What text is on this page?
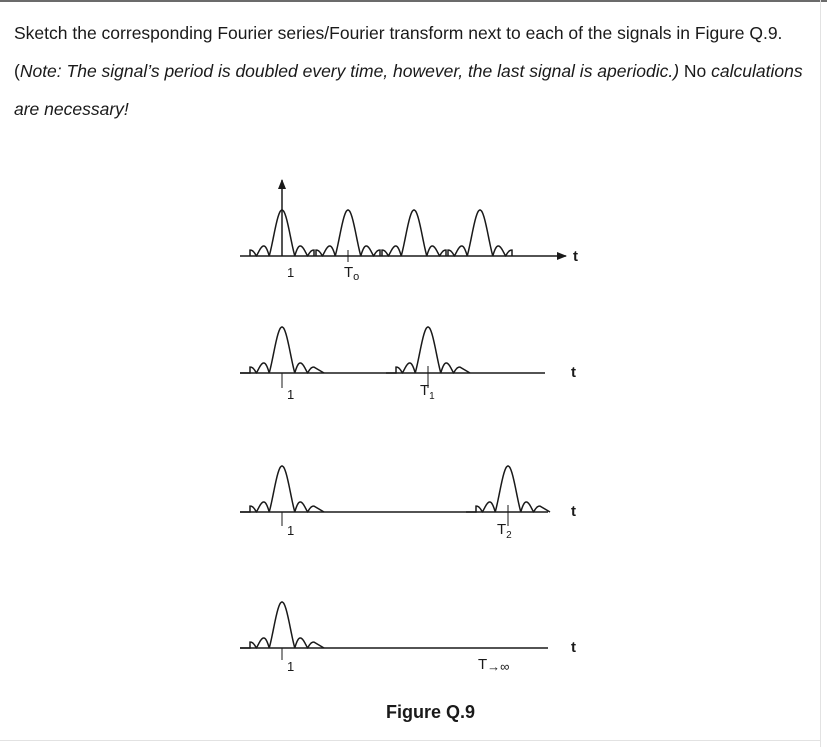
Sketch the corresponding Fourier series/Fourier transform next to each of the signals in Figure Q.9. (Note: The signal’s period is doubled every time, however, the last signal is aperiodic.) No calculations are necessary!

1	$T_o$
t
1	$T_1$
t
1	$T_2$
t
1	T→∞
t

Figure Q.9
